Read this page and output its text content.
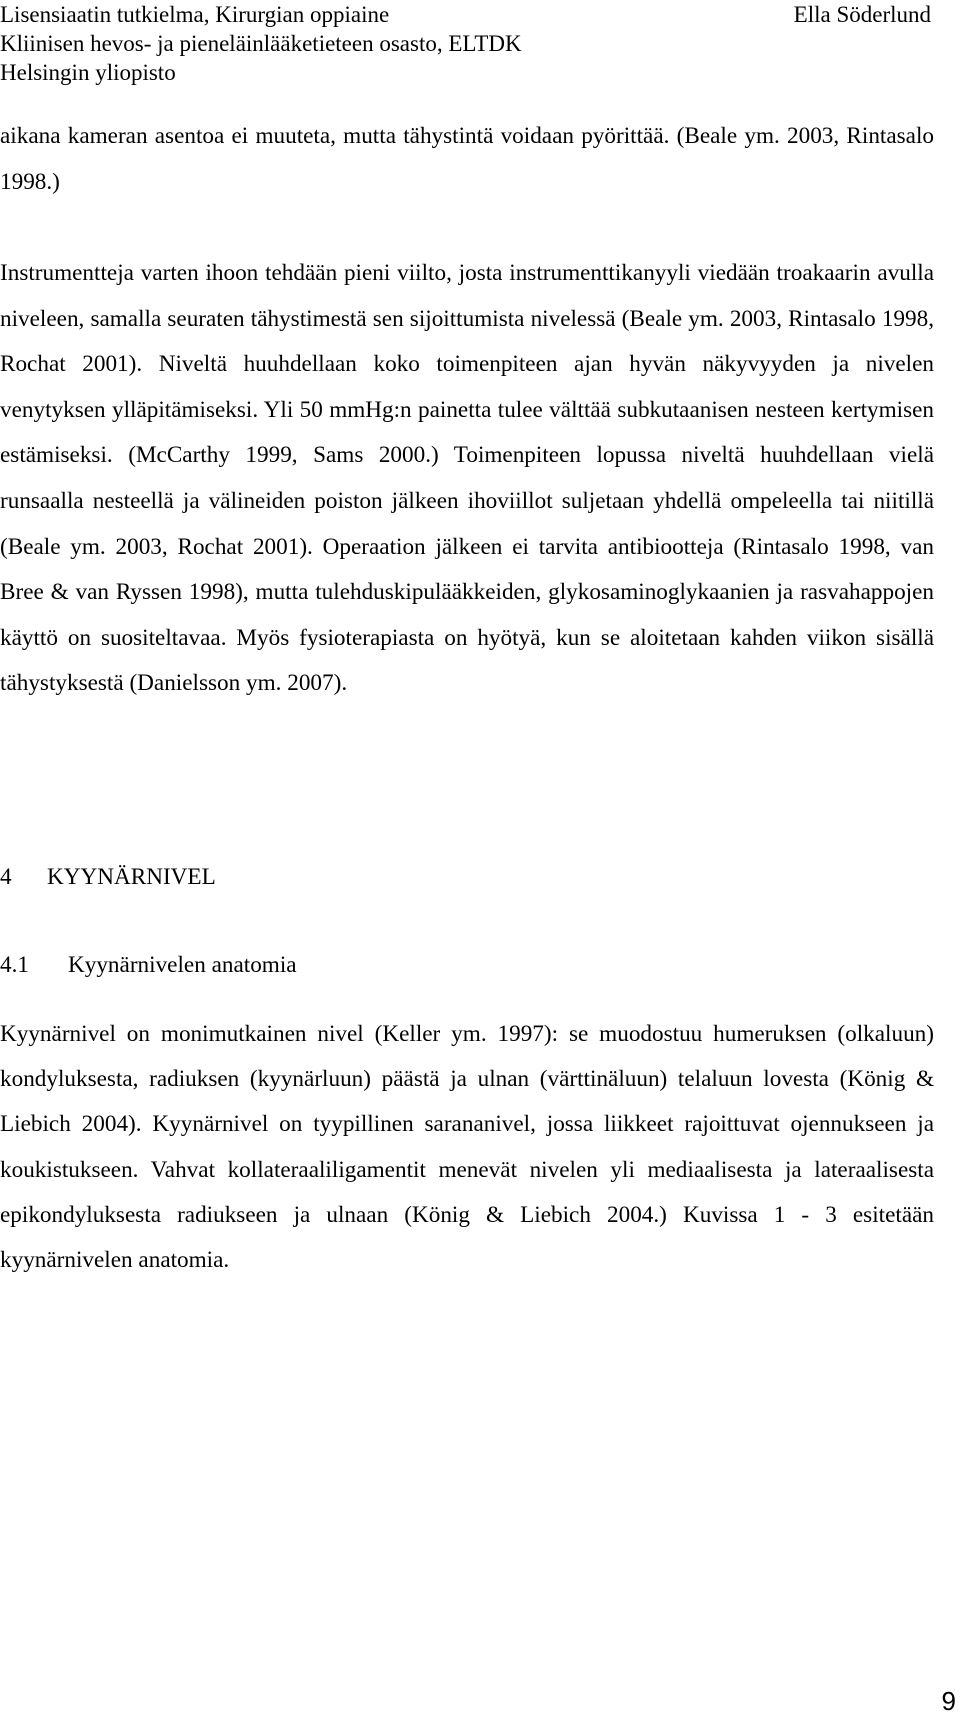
Lisensiaatin tutkielma, Kirurgian oppiaine	Ella Söderlund
Kliinisen hevos- ja pieneläinlääketieteen osasto, ELTDK
Helsingin yliopisto

aikana kameran asentoa ei muuteta, mutta tähystintä voidaan pyörittää. (Beale ym. 2003, Rintasalo 1998.)

Instrumentteja varten ihoon tehdään pieni viilto, josta instrumenttikanyyli viedään troakaarin avulla niveleen, samalla seuraten tähystimestä sen sijoittumista nivelessä (Beale ym. 2003, Rintasalo 1998, Rochat 2001). Niveltä huuhdellaan koko toimenpiteen ajan hyvän näkyvyyden ja nivelen venytyksen ylläpitämiseksi. Yli 50 mmHg:n painetta tulee välttää subkutaanisen nesteen kertymisen estämiseksi. (McCarthy 1999, Sams 2000.) Toimenpiteen lopussa niveltä huuhdellaan vielä runsaalla nesteellä ja välineiden poiston jälkeen ihoviillot suljetaan yhdellä ompeleella tai niitillä (Beale ym. 2003, Rochat 2001). Operaation jälkeen ei tarvita antibiootteja (Rintasalo 1998, van Bree & van Ryssen 1998), mutta tulehduskipulääkkeiden, glykosaminoglykaanien ja rasvahappojen käyttö on suositeltavaa. Myös fysioterapiasta on hyötyä, kun se aloitetaan kahden viikon sisällä tähystyksestä (Danielsson ym. 2007).

4 KYYNÄRNIVEL
4.1 Kyynärnivelen anatomia

Kyynärnivel on monimutkainen nivel (Keller ym. 1997): se muodostuu humeruksen (olkaluun) kondyluksesta, radiuksen (kyynärluun) päästä ja ulnan (värttinäluun) telaluun lovesta (König & Liebich 2004). Kyynärnivel on tyypillinen sarananivel, jossa liikkeet rajoittuvat ojennukseen ja koukistukseen. Vahvat kollateraaliligamentit menevät nivelen yli mediaalisesta ja lateraalisesta epikondyluksesta radiukseen ja ulnaan (König & Liebich 2004.) Kuvissa 1 - 3 esitetään kyynärnivelen anatomia.

9
